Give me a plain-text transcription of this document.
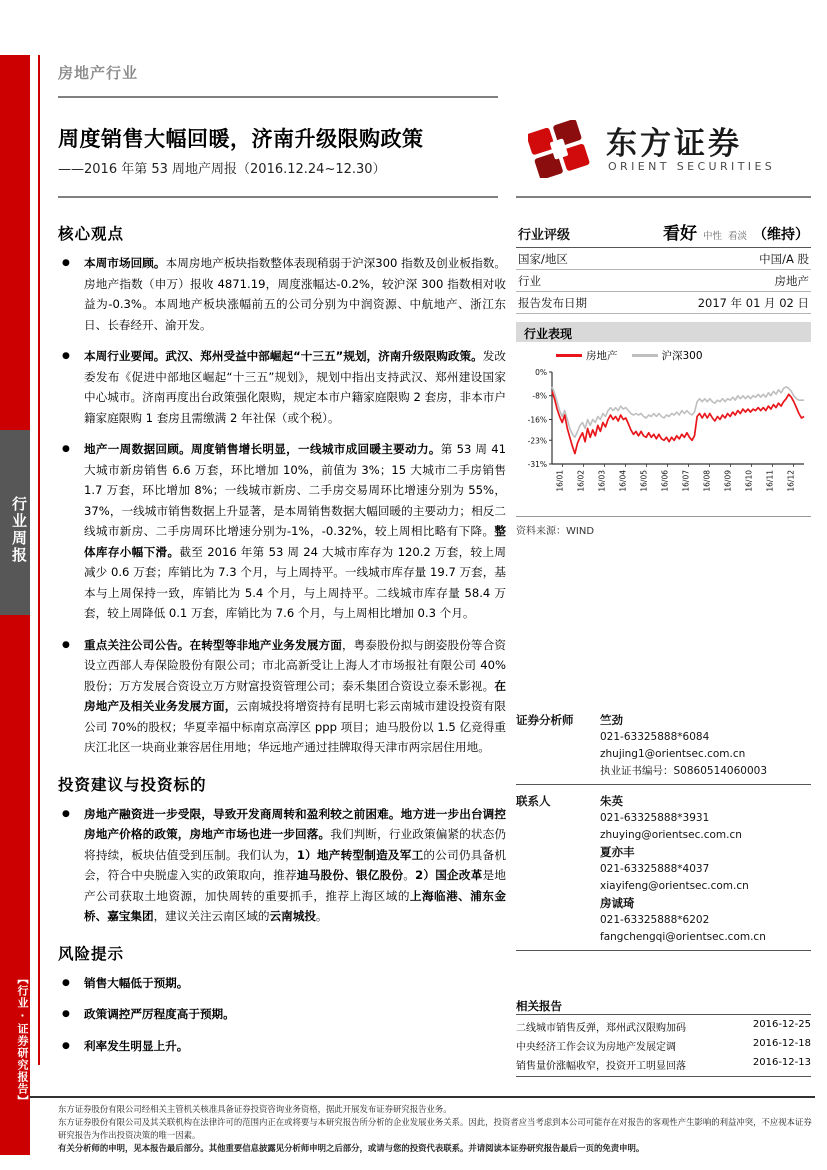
行业周报
【行业·证券研究报告】
房地产行业
周度销售大幅回暖，济南升级限购政策
——2016 年第 53 周地产周报（2016.12.24~12.30）
东方证券
ORIENT SECURITIES
行业评级	看好 中性 看淡 （维持）
国家/地区	中国/A 股
行业	房地产
报告发布日期	2017 年 01 月 02 日
行业表现
房地产	沪深300
0%
-8%
-16%
-23%
-31%
16/01 16/02 16/03 16/04 16/05 16/06 16/07 16/08 16/09 16/10 16/11 16/12
资料来源：WIND
证券分析师	竺劲
021-63325888*6084
zhujing1@orientsec.com.cn
执业证书编号：S0860514060003
联系人	朱英
021-63325888*3931
zhuying@orientsec.com.cn
夏亦丰
021-63325888*4037
xiayifeng@orientsec.com.cn
房诚琦
021-63325888*6202
fangchengqi@orientsec.com.cn
相关报告
二线城市销售反弹，郑州武汉限购加码	2016-12-25
中央经济工作会议为房地产发展定调	2016-12-18
销售量价涨幅收窄，投资开工明显回落	2016-12-13
核心观点
● 本周市场回顾。本周房地产板块指数整体表现稍弱于沪深300 指数及创业板指数。房地产指数（申万）报收 4871.19，周度涨幅达-0.2%，较沪深 300 指数相对收益为-0.3%。本周地产板块涨幅前五的公司分别为中润资源、中航地产、浙江东日、长春经开、渝开发。
● 本周行业要闻。武汉、郑州受益中部崛起“十三五”规划，济南升级限购政策。发改委发布《促进中部地区崛起“十三五”规划》，规划中指出支持武汉、郑州建设国家中心城市。济南再度出台政策强化限购，规定本市户籍家庭限购 2 套房，非本市户籍家庭限购 1 套房且需缴满 2 年社保（或个税）。
● 地产一周数据回顾。周度销售增长明显，一线城市成回暖主要动力。第 53 周 41 大城市新房销售 6.6 万套，环比增加 10%，前值为 3%；15 大城市二手房销售 1.7 万套，环比增加 8%；一线城市新房、二手房交易周环比增速分别为 55%，37%，一线城市销售数据上升显著，是本周销售数据大幅回暖的主要动力；相反二线城市新房、二手房周环比增速分别为-1%，-0.32%，较上周相比略有下降。整体库存小幅下滑。截至 2016 年第 53 周 24 大城市库存为 120.2 万套，较上周减少 0.6 万套；库销比为 7.3 个月，与上周持平。一线城市库存量 19.7 万套，基本与上周保持一致，库销比为 5.4 个月，与上周持平。二线城市库存量 58.4 万套，较上周降低 0.1 万套，库销比为 7.6 个月，与上周相比增加 0.3 个月。
● 重点关注公司公告。在转型等非地产业务发展方面，粤泰股份拟与朗姿股份等合资设立西部人寿保险股份有限公司；市北高新受让上海人才市场报社有限公司 40%股份；万方发展合资设立万方财富投资管理公司；泰禾集团合资设立泰禾影视。在房地产及相关业务发展方面，云南城投将增资持有昆明七彩云南城市建设投资有限公司 70%的股权；华夏幸福中标南京高淳区 ppp 项目；迪马股份以 1.5 亿竞得重庆江北区一块商业兼容居住用地；华远地产通过挂牌取得天津市两宗居住用地。
投资建议与投资标的
● 房地产融资进一步受限，导致开发商周转和盈利较之前困难。地方进一步出台调控房地产价格的政策，房地产市场也进一步回落。我们判断，行业政策偏紧的状态仍将持续，板块估值受到压制。我们认为，1）地产转型制造及军工的公司仍具备机会，符合中央脱虚入实的政策取向，推荐迪马股份、银亿股份。2）国企改革是地产公司获取土地资源，加快周转的重要抓手，推荐上海区域的上海临港、浦东金桥、嘉宝集团，建议关注云南区域的云南城投。
风险提示
● 销售大幅低于预期。
● 政策调控严厉程度高于预期。
● 利率发生明显上升。
东方证券股份有限公司经相关主管机关核准具备证券投资咨询业务资格，据此开展发布证券研究报告业务。
东方证券股份有限公司及其关联机构在法律许可的范围内正在或将要与本研究报告所分析的企业发展业务关系。因此，投资者应当考虑到本公司可能存在对报告的客观性产生影响的利益冲突，不应视本证券研究报告为作出投资决策的唯一因素。
有关分析师的申明，见本报告最后部分。其他重要信息披露见分析师申明之后部分，或请与您的投资代表联系。并请阅读本证券研究报告最后一页的免责申明。
